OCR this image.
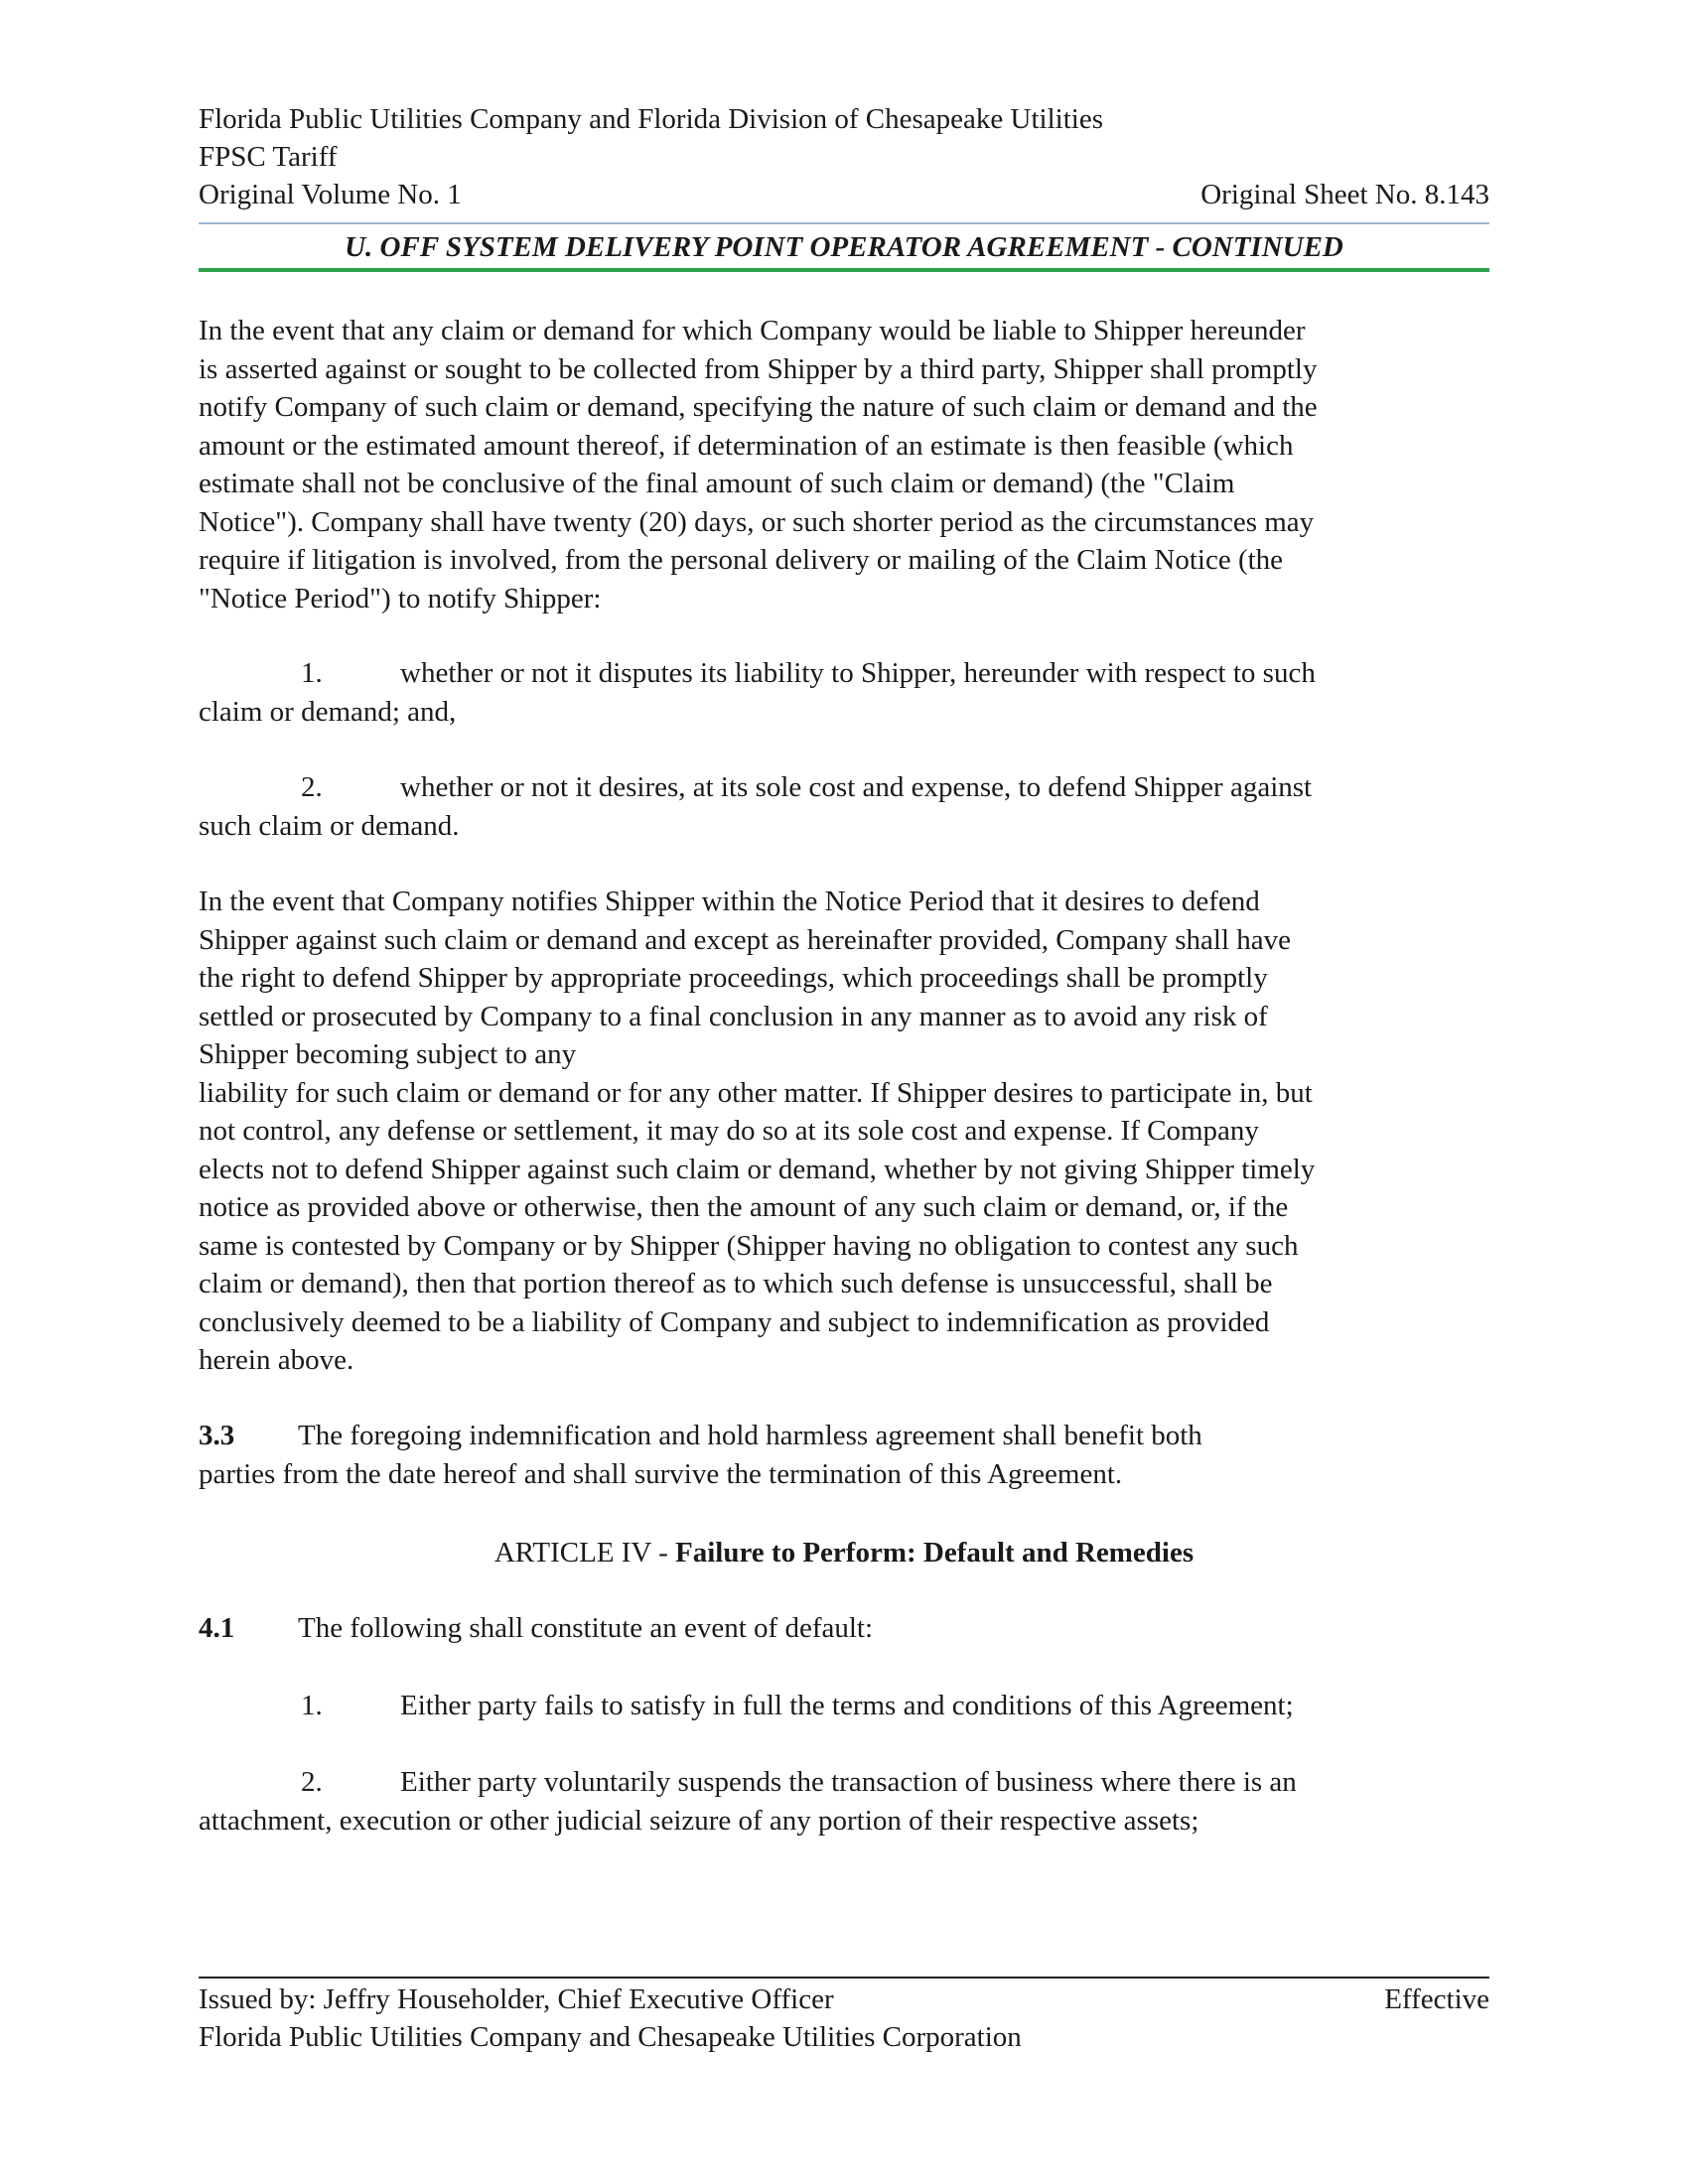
Florida Public Utilities Company and Florida Division of Chesapeake Utilities
FPSC Tariff
Original Volume No. 1	Original Sheet No. 8.143
U. OFF SYSTEM DELIVERY POINT OPERATOR AGREEMENT - CONTINUED

In the event that any claim or demand for which Company would be liable to Shipper hereunder
is asserted against or sought to be collected from Shipper by a third party, Shipper shall promptly
notify Company of such claim or demand, specifying the nature of such claim or demand and the
amount or the estimated amount thereof, if determination of an estimate is then feasible (which
estimate shall not be conclusive of the final amount of such claim or demand) (the "Claim
Notice"). Company shall have twenty (20) days, or such shorter period as the circumstances may
require if litigation is involved, from the personal delivery or mailing of the Claim Notice (the
"Notice Period") to notify Shipper:

1.	whether or not it disputes its liability to Shipper, hereunder with respect to such
claim or demand; and,

2.	whether or not it desires, at its sole cost and expense, to defend Shipper against
such claim or demand.

In the event that Company notifies Shipper within the Notice Period that it desires to defend
Shipper against such claim or demand and except as hereinafter provided, Company shall have
the right to defend Shipper by appropriate proceedings, which proceedings shall be promptly
settled or prosecuted by Company to a final conclusion in any manner as to avoid any risk of
Shipper becoming subject to any
liability for such claim or demand or for any other matter. If Shipper desires to participate in, but
not control, any defense or settlement, it may do so at its sole cost and expense. If Company
elects not to defend Shipper against such claim or demand, whether by not giving Shipper timely
notice as provided above or otherwise, then the amount of any such claim or demand, or, if the
same is contested by Company or by Shipper (Shipper having no obligation to contest any such
claim or demand), then that portion thereof as to which such defense is unsuccessful, shall be
conclusively deemed to be a liability of Company and subject to indemnification as provided
herein above.

3.3 The foregoing indemnification and hold harmless agreement shall benefit both
parties from the date hereof and shall survive the termination of this Agreement.

ARTICLE IV - Failure to Perform: Default and Remedies

4.1 The following shall constitute an event of default:

1.	Either party fails to satisfy in full the terms and conditions of this Agreement;

2.	Either party voluntarily suspends the transaction of business where there is an
attachment, execution or other judicial seizure of any portion of their respective assets;

Issued by: Jeffry Householder, Chief Executive Officer	Effective
Florida Public Utilities Company and Chesapeake Utilities Corporation
